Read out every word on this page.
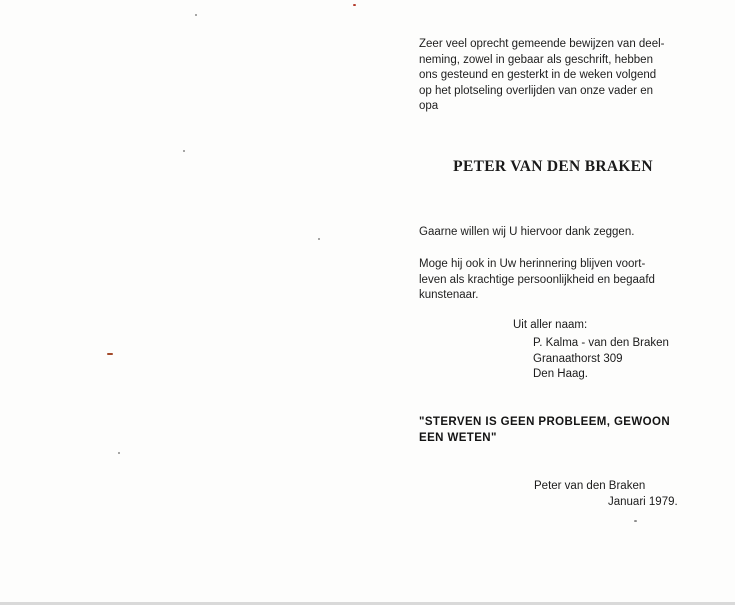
Zeer veel oprecht gemeende bewijzen van deel-
neming, zowel in gebaar als geschrift, hebben
ons gesteund en gesterkt in de weken volgend
op het plotseling overlijden van onze vader en
opa
PETER VAN DEN BRAKEN
Gaarne willen wij U hiervoor dank zeggen.
Moge hij ook in Uw herinnering blijven voort-
leven als krachtige persoonlijkheid en begaafd
kunstenaar.
Uit aller naam:
P. Kalma - van den Braken
Granaathorst 309
Den Haag.
"STERVEN IS GEEN PROBLEEM, GEWOON
EEN WETEN"
Peter van den Braken
Januari 1979.
